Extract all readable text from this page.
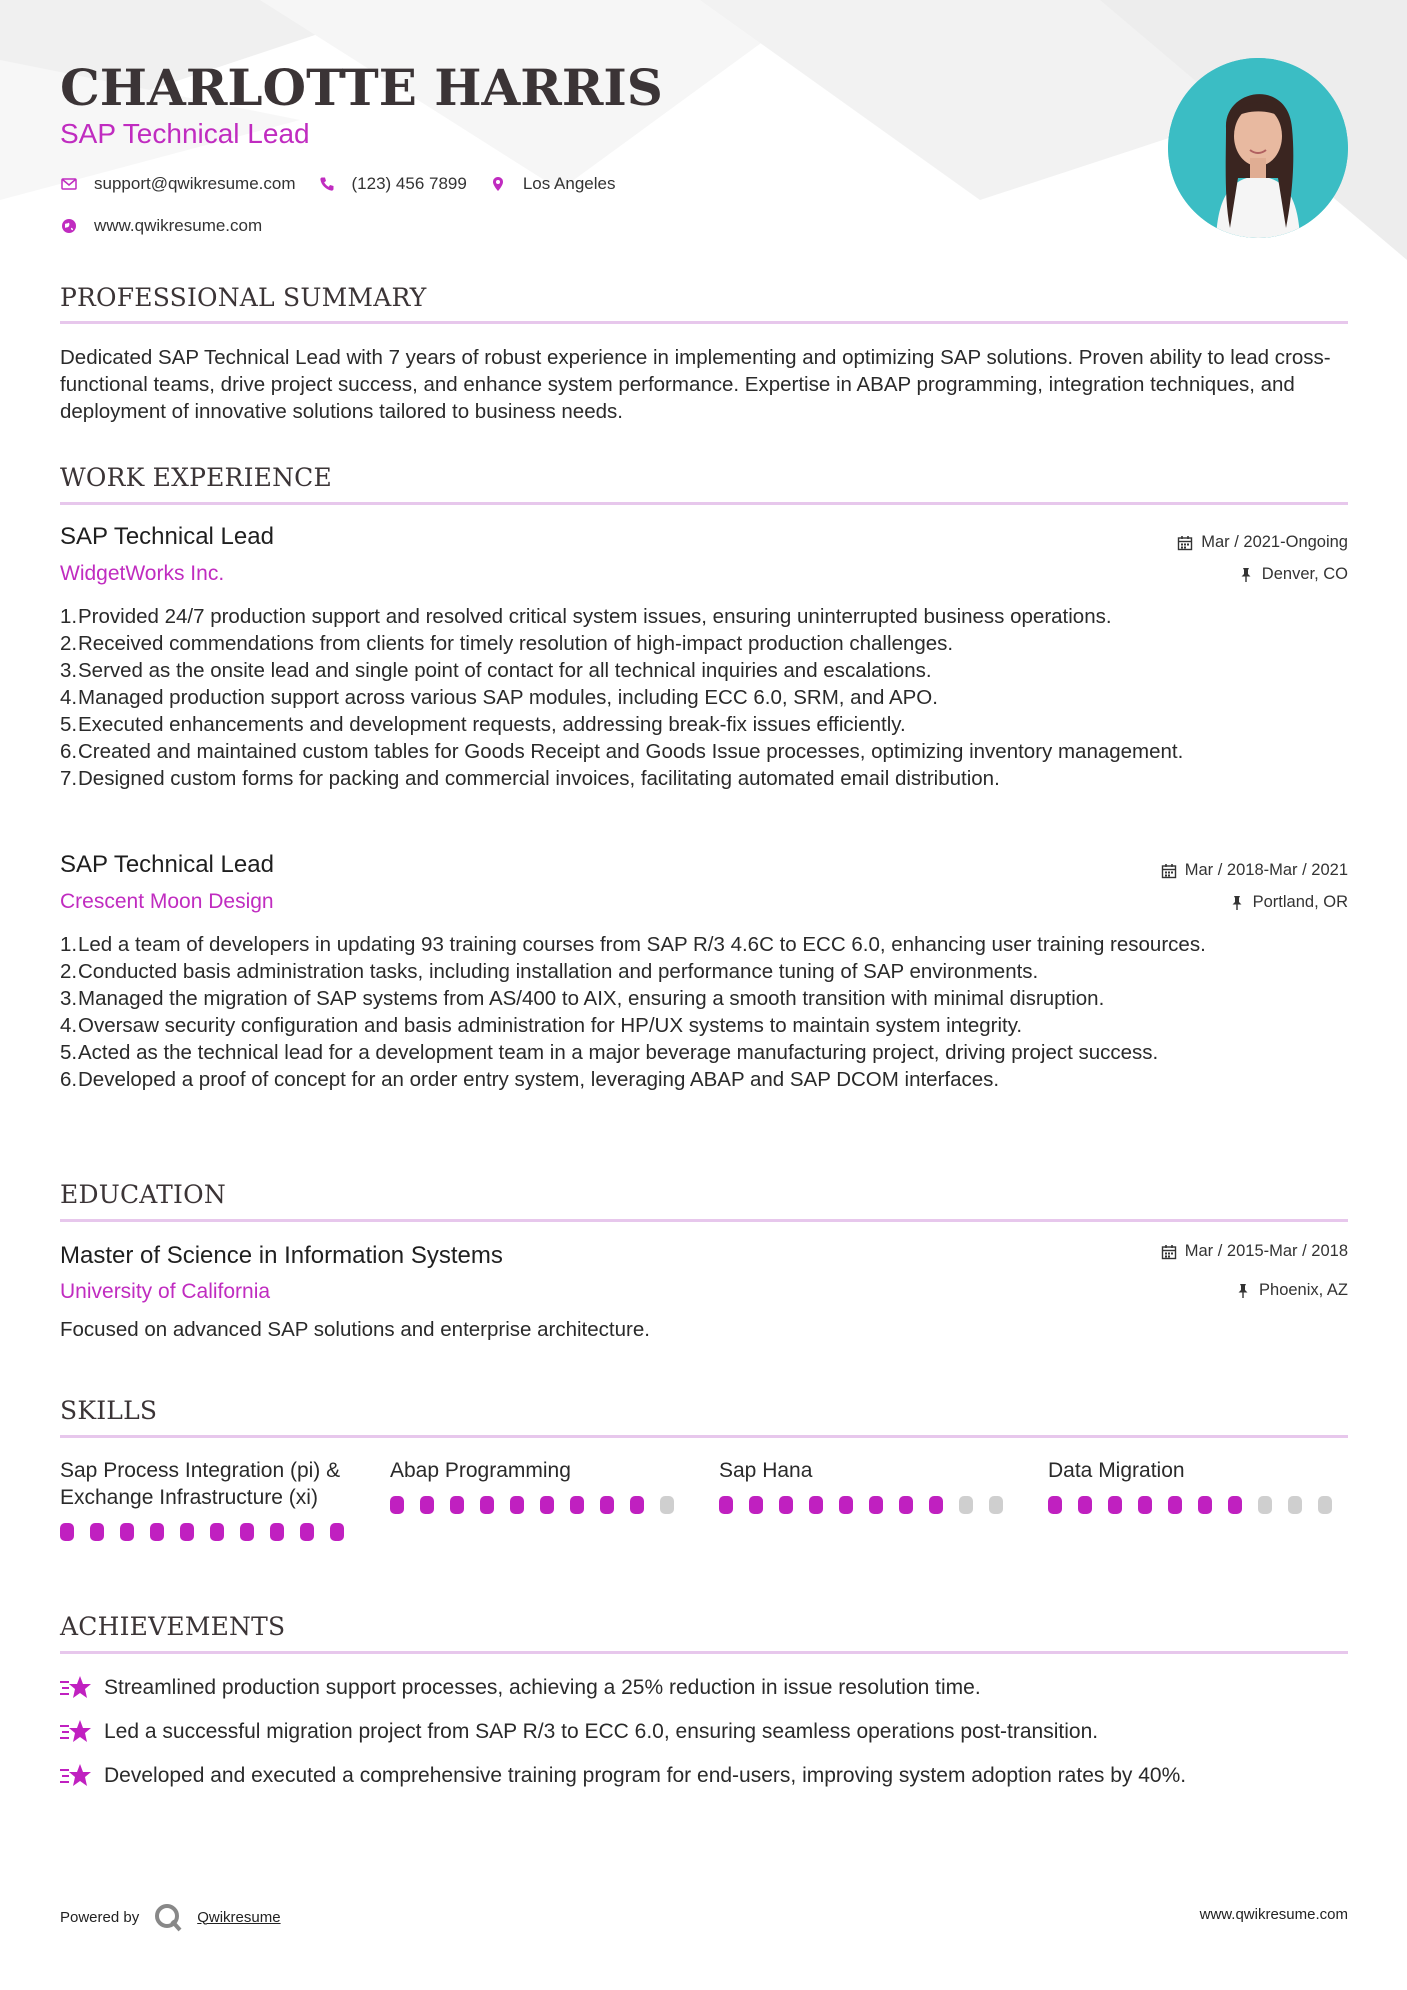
CHARLOTTE HARRIS
SAP Technical Lead
support@qwikresume.com	(123) 456 7899	Los Angeles
www.qwikresume.com
PROFESSIONAL SUMMARY
Dedicated SAP Technical Lead with 7 years of robust experience in implementing and optimizing SAP solutions. Proven ability to lead cross-functional teams, drive project success, and enhance system performance. Expertise in ABAP programming, integration techniques, and deployment of innovative solutions tailored to business needs.
WORK EXPERIENCE
SAP Technical Lead	Mar / 2021-Ongoing
WidgetWorks Inc.	Denver, CO
1. Provided 24/7 production support and resolved critical system issues, ensuring uninterrupted business operations.
2. Received commendations from clients for timely resolution of high-impact production challenges.
3. Served as the onsite lead and single point of contact for all technical inquiries and escalations.
4. Managed production support across various SAP modules, including ECC 6.0, SRM, and APO.
5. Executed enhancements and development requests, addressing break-fix issues efficiently.
6. Created and maintained custom tables for Goods Receipt and Goods Issue processes, optimizing inventory management.
7. Designed custom forms for packing and commercial invoices, facilitating automated email distribution.
SAP Technical Lead	Mar / 2018-Mar / 2021
Crescent Moon Design	Portland, OR
1. Led a team of developers in updating 93 training courses from SAP R/3 4.6C to ECC 6.0, enhancing user training resources.
2. Conducted basis administration tasks, including installation and performance tuning of SAP environments.
3. Managed the migration of SAP systems from AS/400 to AIX, ensuring a smooth transition with minimal disruption.
4. Oversaw security configuration and basis administration for HP/UX systems to maintain system integrity.
5. Acted as the technical lead for a development team in a major beverage manufacturing project, driving project success.
6. Developed a proof of concept for an order entry system, leveraging ABAP and SAP DCOM interfaces.
EDUCATION
Master of Science in Information Systems	Mar / 2015-Mar / 2018
University of California	Phoenix, AZ
Focused on advanced SAP solutions and enterprise architecture.
SKILLS
Sap Process Integration (pi) & Exchange Infrastructure (xi)
Abap Programming	Sap Hana	Data Migration
ACHIEVEMENTS
Streamlined production support processes, achieving a 25% reduction in issue resolution time.
Led a successful migration project from SAP R/3 to ECC 6.0, ensuring seamless operations post-transition.
Developed and executed a comprehensive training program for end-users, improving system adoption rates by 40%.
Powered by	Qwikresume	www.qwikresume.com
